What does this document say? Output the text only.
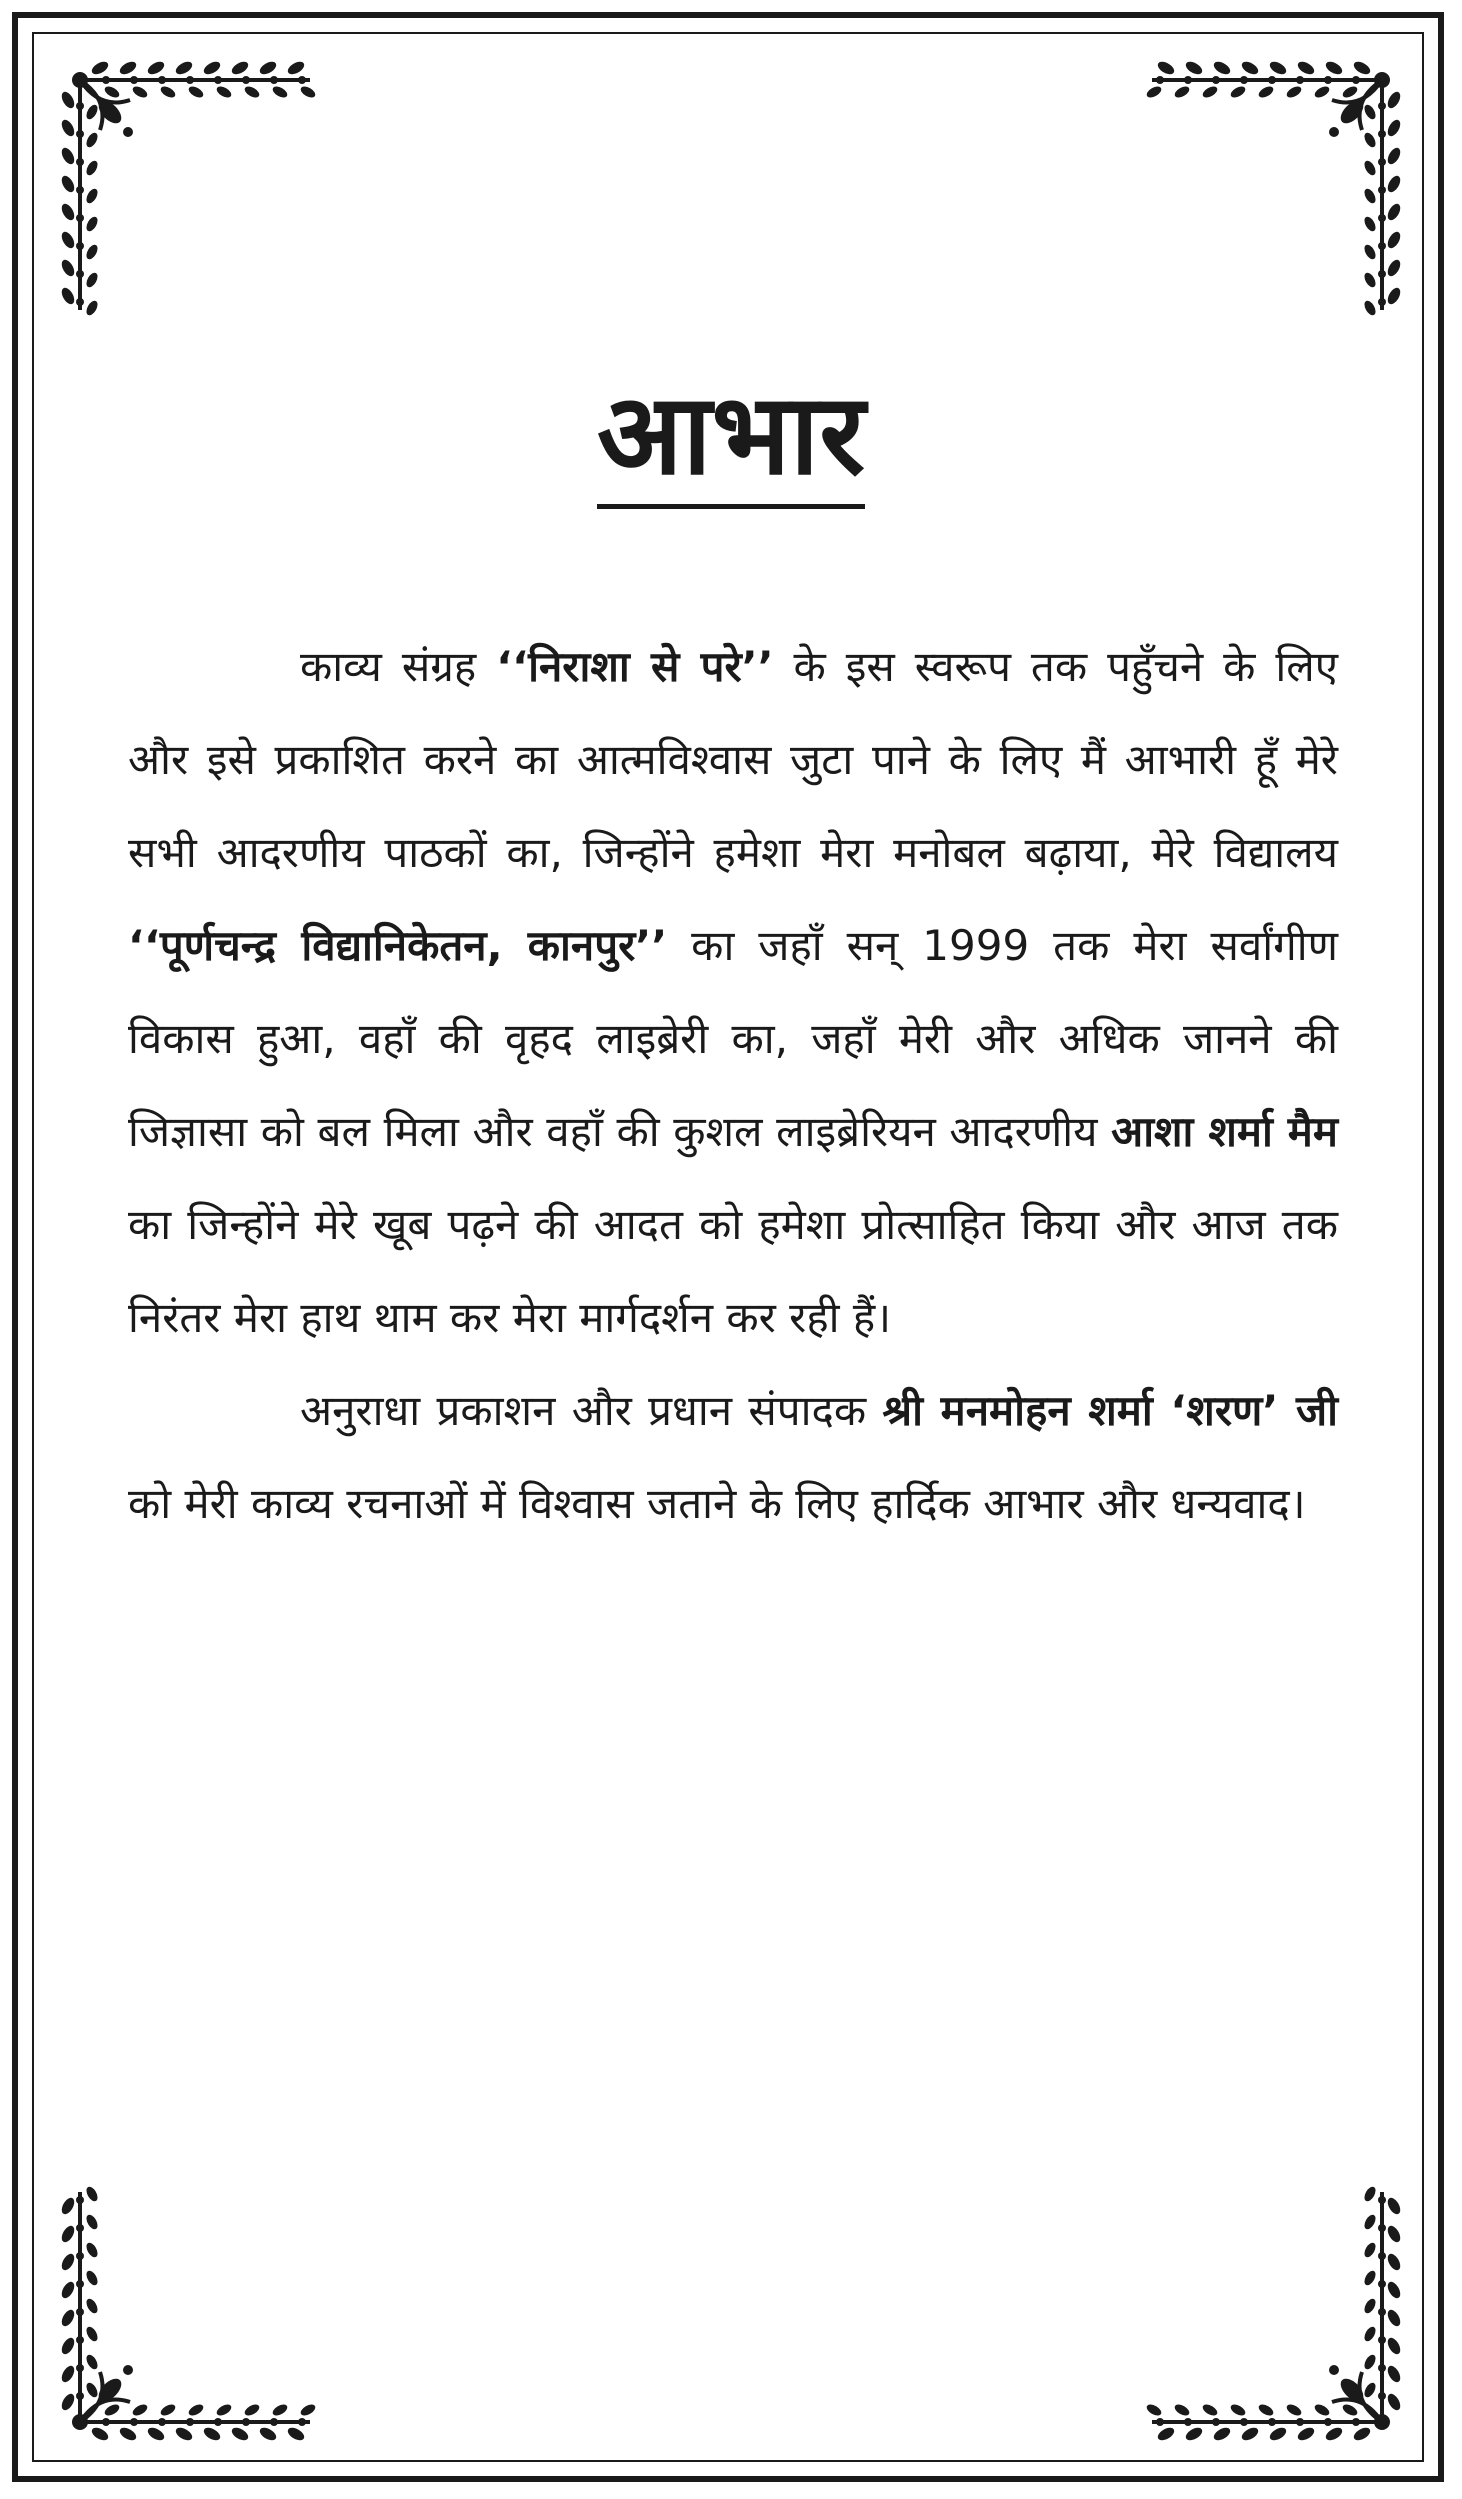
आभार

काव्य संग्रह ‘‘निराशा से परे’’ के इस स्वरूप तक पहुँचने के लिए और इसे प्रकाशित करने का आत्मविश्वास जुटा पाने के लिए मैं आभारी हूँ मेरे सभी आदरणीय पाठकों का, जिन्होंने हमेशा मेरा मनोबल बढ़ाया, मेरे विद्यालय ‘‘पूर्णचन्द्र विद्यानिकेतन, कानपुर’’ का जहाँ सन् 1999 तक मेरा सर्वांगीण विकास हुआ, वहाँ की वृहद लाइब्रेरी का, जहाँ मेरी और अधिक जानने की जिज्ञासा को बल मिला और वहाँ की कुशल लाइब्रेरियन आदरणीय आशा शर्मा मैम का जिन्होंने मेरे खूब पढ़ने की आदत को हमेशा प्रोत्साहित किया और आज तक निरंतर मेरा हाथ थाम कर मेरा मार्गदर्शन कर रही हैं।

अनुराधा प्रकाशन और प्रधान संपादक श्री मनमोहन शर्मा ‘शरण’ जी को मेरी काव्य रचनाओं में विश्वास जताने के लिए हार्दिक आभार और धन्यवाद।
